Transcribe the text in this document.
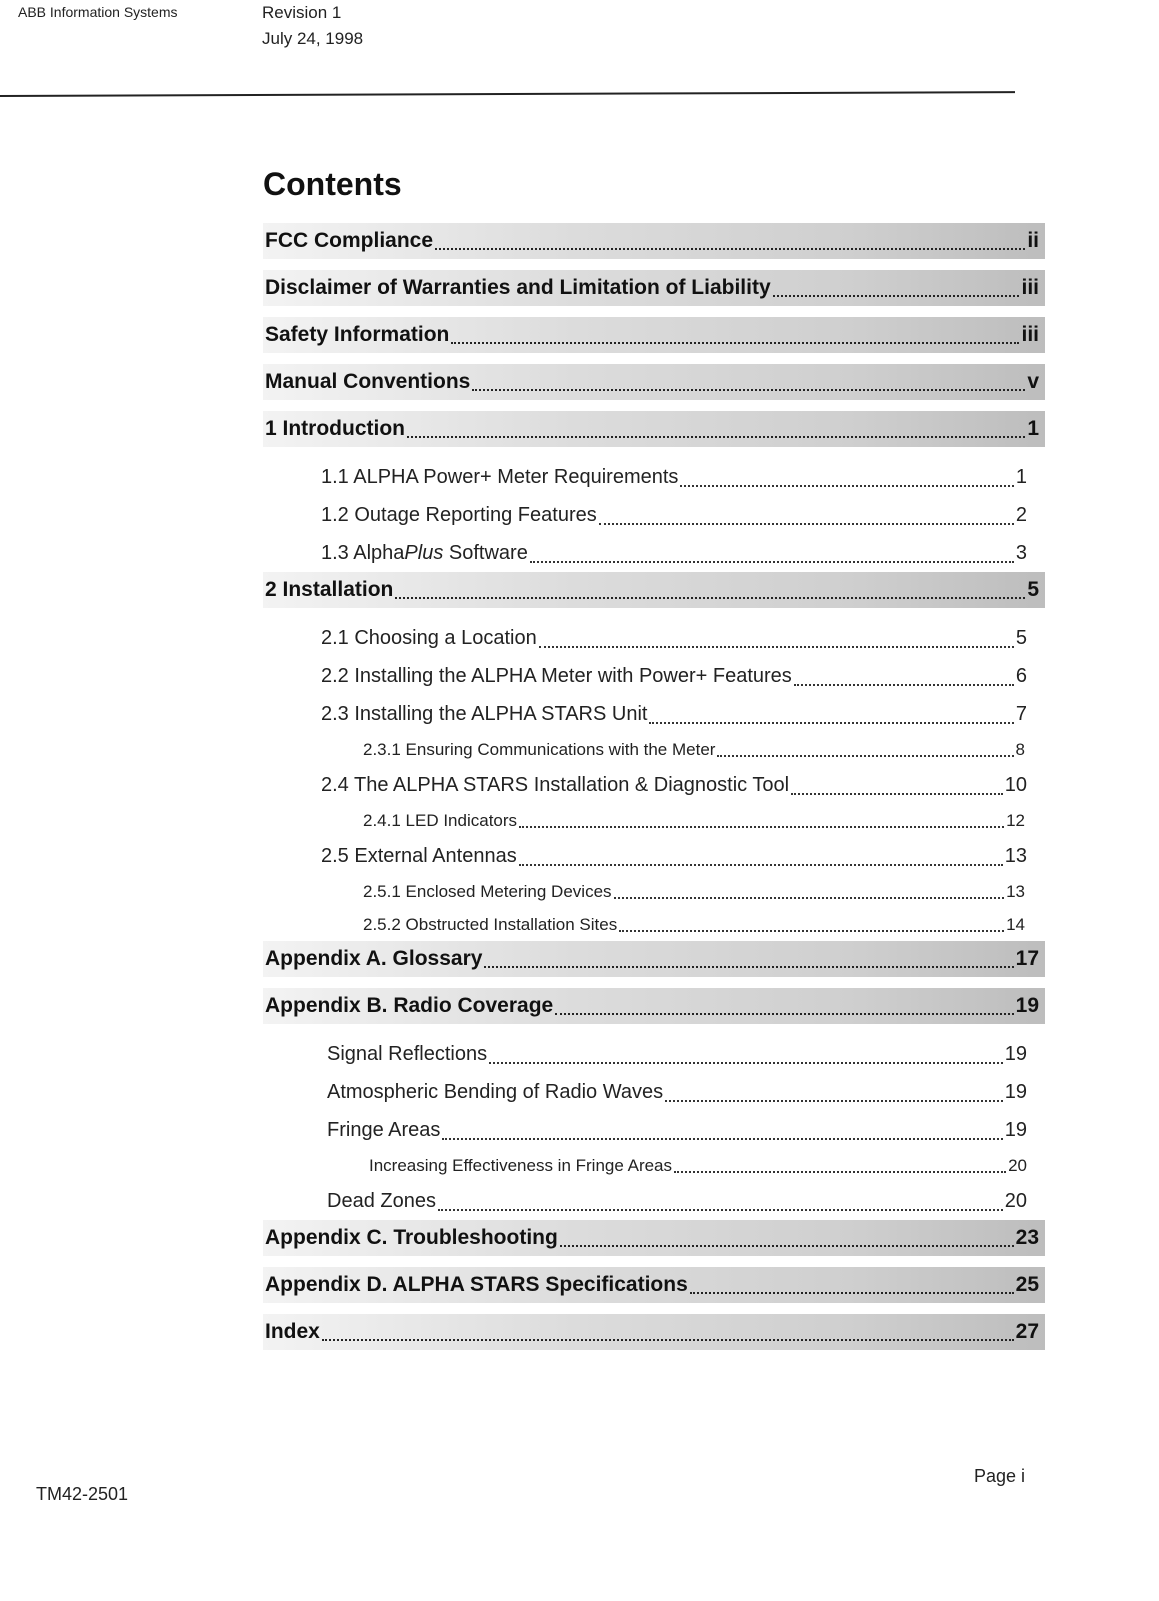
ABB Information Systems	Revision 1
July 24, 1998
Contents
FCC Compliance	ii
Disclaimer of Warranties and Limitation of Liability	iii
Safety Information	iii
Manual Conventions	v
1 Introduction	1
1.1 ALPHA Power+ Meter Requirements	1
1.2 Outage Reporting Features	2
1.3 AlphaPlus Software	3
2 Installation	5
2.1 Choosing a Location	5
2.2 Installing the ALPHA Meter with Power+ Features	6
2.3 Installing the ALPHA STARS Unit	7
2.3.1 Ensuring Communications with the Meter	8
2.4 The ALPHA STARS Installation & Diagnostic Tool	10
2.4.1 LED Indicators	12
2.5 External Antennas	13
2.5.1 Enclosed Metering Devices	13
2.5.2 Obstructed Installation Sites	14
Appendix A. Glossary	17
Appendix B. Radio Coverage	19
Signal Reflections	19
Atmospheric Bending of Radio Waves	19
Fringe Areas	19
Increasing Effectiveness in Fringe Areas	20
Dead Zones	20
Appendix C. Troubleshooting	23
Appendix D. ALPHA STARS Specifications	25
Index	27
TM42-2501
Page i
